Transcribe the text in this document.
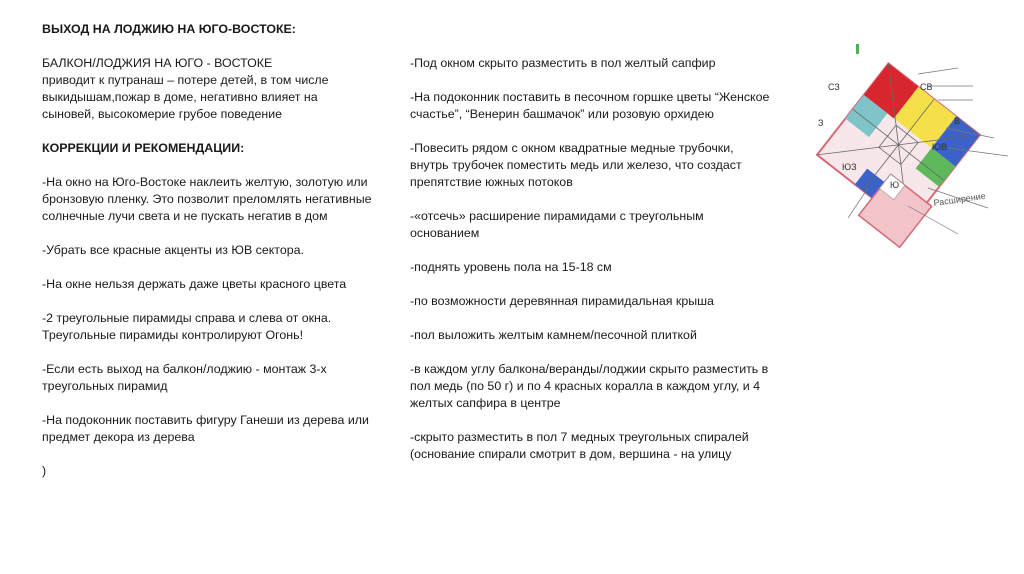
ВЫХОД НА ЛОДЖИЮ НА ЮГО-ВОСТОКЕ:

БАЛКОН/ЛОДЖИЯ НА ЮГО - ВОСТОКЕ
приводит к путранаш – потере детей, в том числе выкидышам,пожар в доме, негативно влияет на сыновей, высокомерие грубое поведение

КОРРЕКЦИИ И РЕКОМЕНДАЦИИ:

-На окно на Юго-Востоке наклеить желтую, золотую или бронзовую пленку. Это позволит преломлять негативные солнечные лучи света и не пускать негатив в дом

-Убрать все красные акценты из ЮВ сектора.

-На окне нельзя держать даже цветы красного цвета

-2 треугольные пирамиды справа и слева от окна. Треугольные пирамиды контролируют Огонь!

-Если есть выход на балкон/лоджию - монтаж 3-х треугольных пирамид

-На подоконник поставить фигуру Ганеши из дерева или предмет декора из дерева

)

-Под окном скрыто разместить в пол желтый сапфир

-На подоконник поставить в песочном горшке цветы “Женское счастье”, “Венерин башмачок” или розовую орхидею

-Повесить рядом с окном квадратные медные трубочки, внутрь трубочек поместить медь или железо, что создаст препятствие южных потоков

-«отсечь» расширение пирамидами с треугольным основанием

-поднять уровень пола на 15-18 см

-по возможности деревянная пирамидальная крыша

-пол выложить желтым камнем/песочной плиткой

-в каждом углу балкона/веранды/лоджии скрыто разместить в пол медь (по 50 г) и по 4 красных коралла в каждом углу, и 4 желтых сапфира в центре

-скрыто разместить в пол 7 медных треугольных спиралей (основание спирали смотрит в дом, вершина - на улицу

СЗ	СВ
З	В
ЮЗ
ЮВ
Ю
Расширение
